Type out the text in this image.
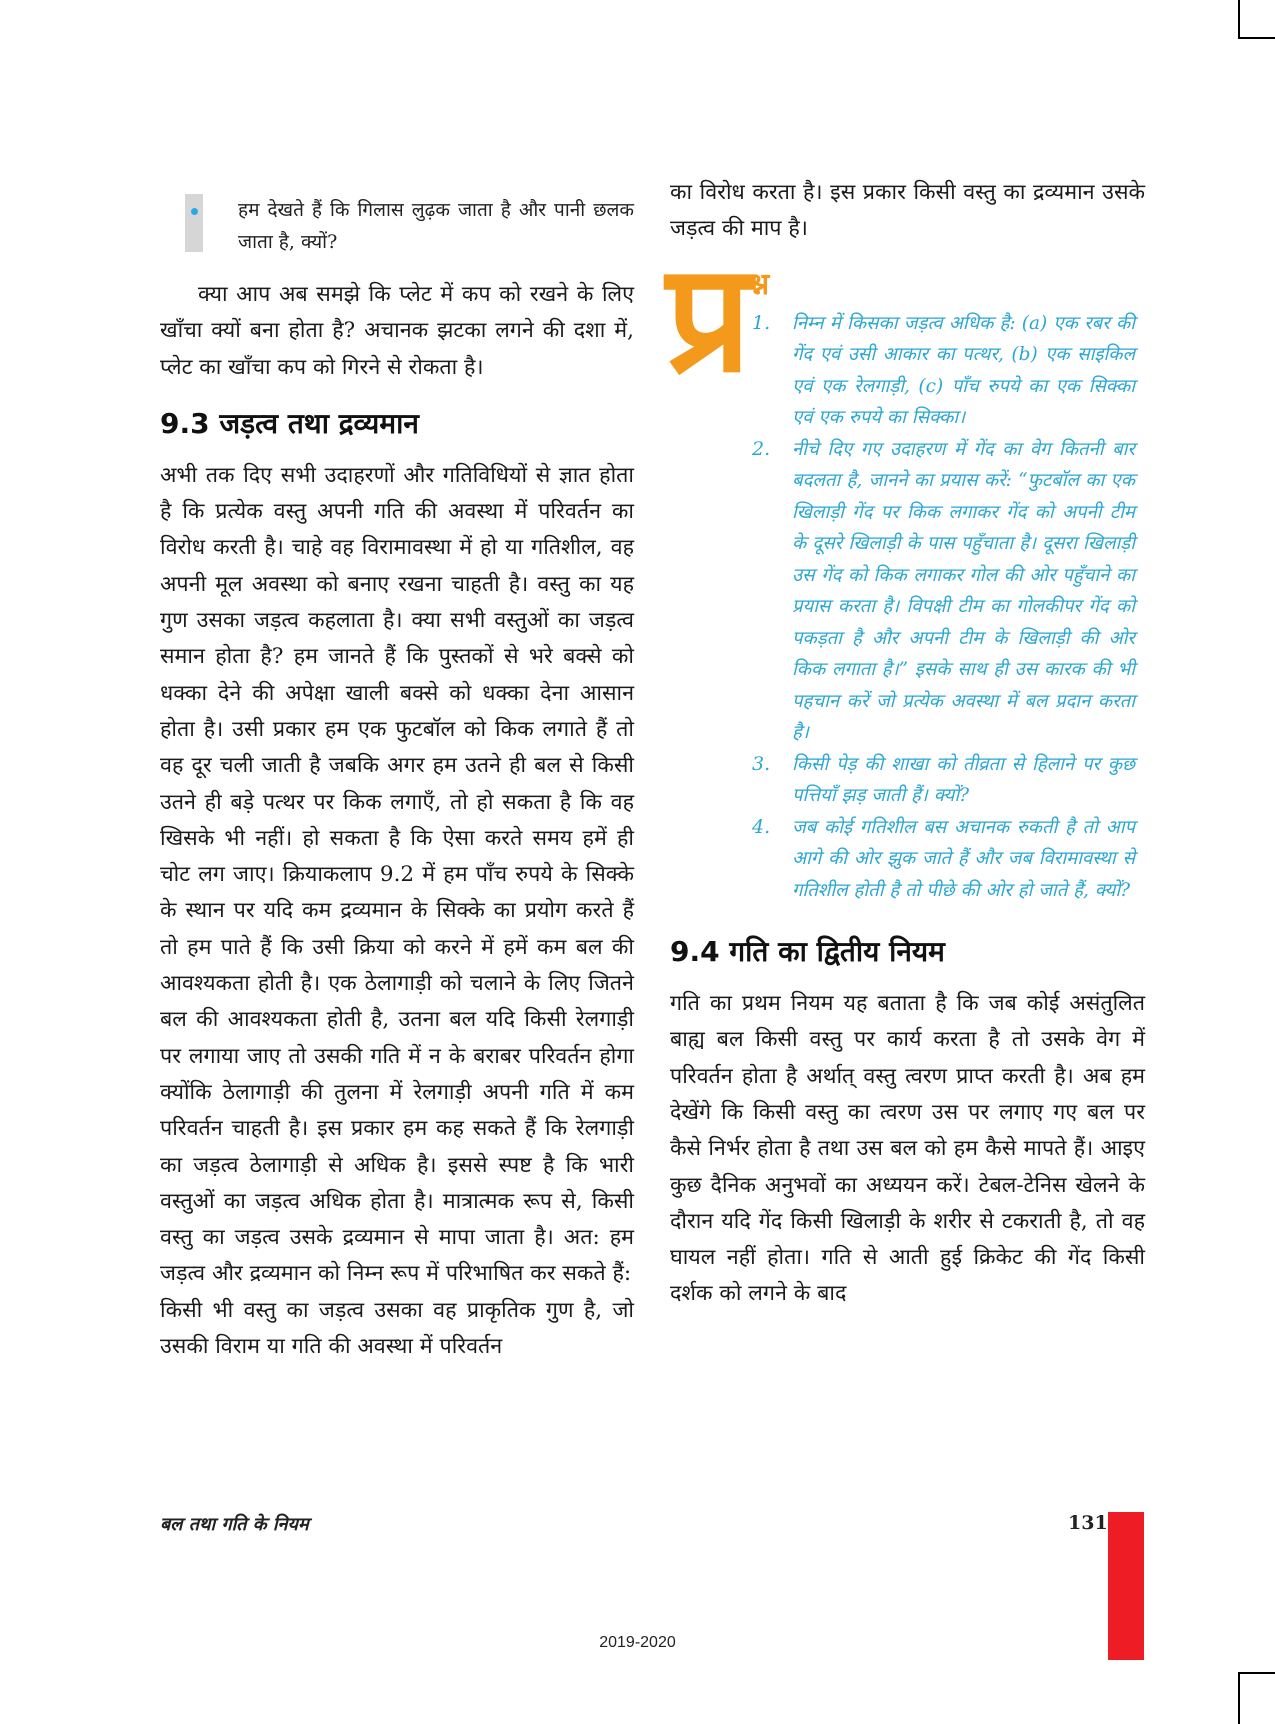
हम देखते हैं कि गिलास लुढ़क जाता है और पानी छलक जाता है, क्यों?

क्या आप अब समझे कि प्लेट में कप को रखने के लिए खाँचा क्यों बना होता है? अचानक झटका लगने की दशा में, प्लेट का खाँचा कप को गिरने से रोकता है।

9.3 जड़त्व तथा द्रव्यमान

अभी तक दिए सभी उदाहरणों और गतिविधियों से ज्ञात होता है कि प्रत्येक वस्तु अपनी गति की अवस्था में परिवर्तन का विरोध करती है। चाहे वह विरामावस्था में हो या गतिशील, वह अपनी मूल अवस्था को बनाए रखना चाहती है। वस्तु का यह गुण उसका जड़त्व कहलाता है। क्या सभी वस्तुओं का जड़त्व समान होता है? हम जानते हैं कि पुस्तकों से भरे बक्से को धक्का देने की अपेक्षा खाली बक्से को धक्का देना आसान होता है। उसी प्रकार हम एक फुटबॉल को किक लगाते हैं तो वह दूर चली जाती है जबकि अगर हम उतने ही बल से किसी उतने ही बड़े पत्थर पर किक लगाएँ, तो हो सकता है कि वह खिसके भी नहीं। हो सकता है कि ऐसा करते समय हमें ही चोट लग जाए। क्रियाकलाप 9.2 में हम पाँच रुपये के सिक्के के स्थान पर यदि कम द्रव्यमान के सिक्के का प्रयोग करते हैं तो हम पाते हैं कि उसी क्रिया को करने में हमें कम बल की आवश्यकता होती है। एक ठेलागाड़ी को चलाने के लिए जितने बल की आवश्यकता होती है, उतना बल यदि किसी रेलगाड़ी पर लगाया जाए तो उसकी गति में न के बराबर परिवर्तन होगा क्योंकि ठेलागाड़ी की तुलना में रेलगाड़ी अपनी गति में कम परिवर्तन चाहती है। इस प्रकार हम कह सकते हैं कि रेलगाड़ी का जड़त्व ठेलागाड़ी से अधिक है। इससे स्पष्ट है कि भारी वस्तुओं का जड़त्व अधिक होता है। मात्रात्मक रूप से, किसी वस्तु का जड़त्व उसके द्रव्यमान से मापा जाता है। अत: हम जड़त्व और द्रव्यमान को निम्न रूप में परिभाषित कर सकते हैं:

किसी भी वस्तु का जड़त्व उसका वह प्राकृतिक गुण है, जो उसकी विराम या गति की अवस्था में परिवर्तन

का विरोध करता है। इस प्रकार किसी वस्तु का द्रव्यमान उसके जड़त्व की माप है।

प्र
श्न
1. निम्न में किसका जड़त्व अधिक है: (a) एक रबर की गेंद एवं उसी आकार का पत्थर, (b) एक साइकिल एवं एक रेलगाड़ी, (c) पाँच रुपये का एक सिक्का एवं एक रुपये का सिक्का।

2. नीचे दिए गए उदाहरण में गेंद का वेग कितनी बार बदलता है, जानने का प्रयास करें: “फुटबॉल का एक खिलाड़ी गेंद पर किक लगाकर गेंद को अपनी टीम के दूसरे खिलाड़ी के पास पहुँचाता है। दूसरा खिलाड़ी उस गेंद को किक लगाकर गोल की ओर पहुँचाने का प्रयास करता है। विपक्षी टीम का गोलकीपर गेंद को पकड़ता है और अपनी टीम के खिलाड़ी की ओर किक लगाता है।” इसके साथ ही उस कारक की भी पहचान करें जो प्रत्येक अवस्था में बल प्रदान करता है।

3. किसी पेड़ की शाखा को तीव्रता से हिलाने पर कुछ पत्तियाँ झड़ जाती हैं। क्यों?

4. जब कोई गतिशील बस अचानक रुकती है तो आप आगे की ओर झुक जाते हैं और जब विरामावस्था से गतिशील होती है तो पीछे की ओर हो जाते हैं, क्यों?

9.4 गति का द्वितीय नियम

गति का प्रथम नियम यह बताता है कि जब कोई असंतुलित बाह्य बल किसी वस्तु पर कार्य करता है तो उसके वेग में परिवर्तन होता है अर्थात् वस्तु त्वरण प्राप्त करती है। अब हम देखेंगे कि किसी वस्तु का त्वरण उस पर लगाए गए बल पर कैसे निर्भर होता है तथा उस बल को हम कैसे मापते हैं। आइए कुछ दैनिक अनुभवों का अध्ययन करें। टेबल-टेनिस खेलने के दौरान यदि गेंद किसी खिलाड़ी के शरीर से टकराती है, तो वह घायल नहीं होता। गति से आती हुई क्रिकेट की गेंद किसी दर्शक को लगने के बाद

बल तथा गति के नियम	131
2019-2020
